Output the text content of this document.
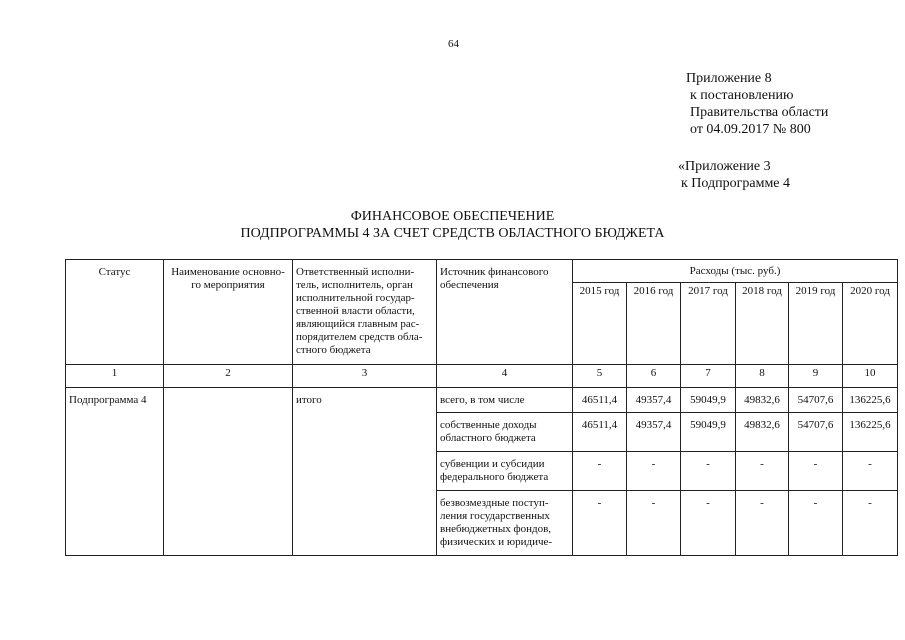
64
Приложение 8
к постановлению
Правительства области
от 04.09.2017 № 800
«Приложение 3
к Подпрограмме 4
ФИНАНСОВОЕ ОБЕСПЕЧЕНИЕ
ПОДПРОГРАММЫ 4 ЗА СЧЕТ СРЕДСТВ ОБЛАСТНОГО БЮДЖЕТА
Статус	Наименование основно-го мероприятия	Ответственный исполни-тель, исполнитель, орган исполнительной государ-ственной власти области, являющийся главным рас-порядителем средств обла-стного бюджета	Источник финансового обеспечения	Расходы (тыс. руб.)					
				2015 год	2016 год	2017 год	2018 год	2019 год	2020 год
1	2	3	4	5	6	7	8	9	10
Подпрограмма 4		итого	всего, в том числе	46511,4	49357,4	59049,9	49832,6	54707,6	136225,6
			собственные доходы областного бюджета	46511,4	49357,4	59049,9	49832,6	54707,6	136225,6
			субвенции и субсидии федерального бюджета	-	-	-	-	-	-
			безвозмездные поступ-ления государственных внебюджетных фондов, физических и юридиче-	-	-	-	-	-	-
